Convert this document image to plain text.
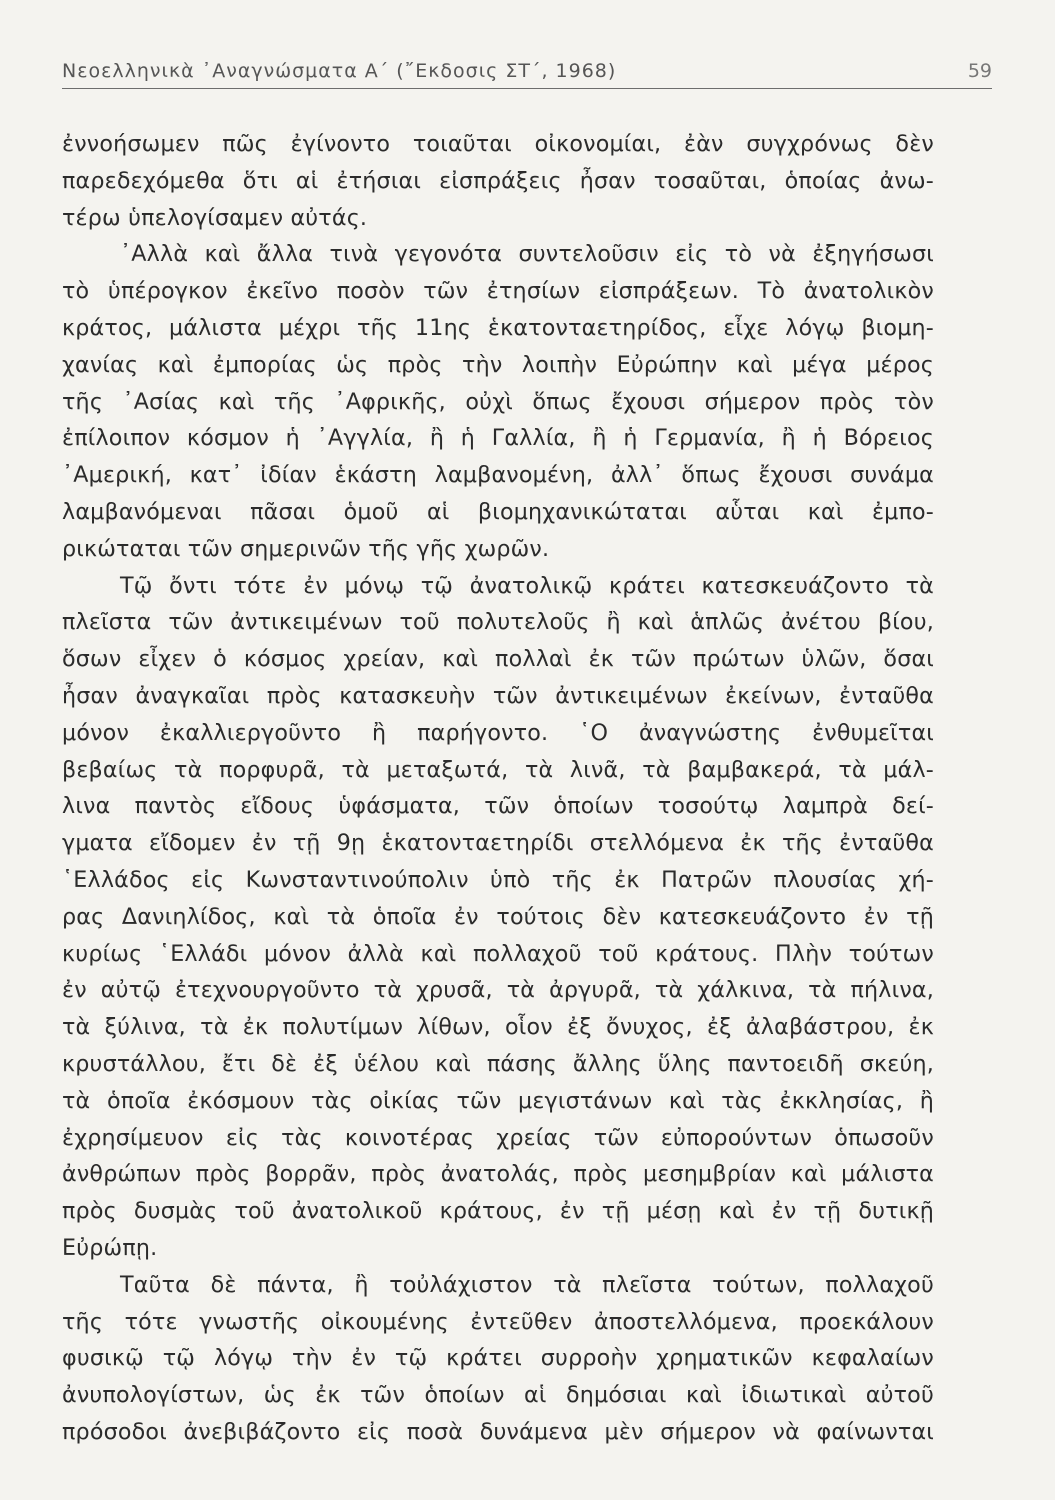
Νεοελληνικὰ ᾿Αναγνώσματα Α΄ (῎Εκδοσις ΣΤ΄, 1968)	59
ἐννοήσωμεν πῶς ἐγίνοντο τοιαῦται οἰκονομίαι, ἐὰν συγχρόνως δὲν
παρεδεχόμεθα ὅτι αἱ ἐτήσιαι εἰσπράξεις ἦσαν τοσαῦται, ὁποίας ἀνω-
τέρω ὑπελογίσαμεν αὐτάς.
᾿Αλλὰ καὶ ἄλλα τινὰ γεγονότα συντελοῦσιν εἰς τὸ νὰ ἐξηγήσωσι
τὸ ὑπέρογκον ἐκεῖνο ποσὸν τῶν ἐτησίων εἰσπράξεων. Τὸ ἀνατολικὸν
κράτος, μάλιστα μέχρι τῆς 11ης ἑκατονταετηρίδος, εἶχε λόγῳ βιομη-
χανίας καὶ ἐμπορίας ὡς πρὸς τὴν λοιπὴν Εὐρώπην καὶ μέγα μέρος
τῆς ᾿Ασίας καὶ τῆς ᾿Αφρικῆς, οὐχὶ ὅπως ἔχουσι σήμερον πρὸς τὸν
ἐπίλοιπον κόσμον ἡ ᾿Αγγλία, ἢ ἡ Γαλλία, ἢ ἡ Γερμανία, ἢ ἡ Βόρειος
᾿Αμερική, κατ᾿ ἰδίαν ἑκάστη λαμβανομένη, ἀλλ᾿ ὅπως ἔχουσι συνάμα
λαμβανόμεναι πᾶσαι ὁμοῦ αἱ βιομηχανικώταται αὗται καὶ ἐμπο-
ρικώταται τῶν σημερινῶν τῆς γῆς χωρῶν.
Τῷ ὄντι τότε ἐν μόνῳ τῷ ἀνατολικῷ κράτει κατεσκευάζοντο τὰ
πλεῖστα τῶν ἀντικειμένων τοῦ πολυτελοῦς ἢ καὶ ἁπλῶς ἀνέτου βίου,
ὅσων εἶχεν ὁ κόσμος χρείαν, καὶ πολλαὶ ἐκ τῶν πρώτων ὑλῶν, ὅσαι
ἦσαν ἀναγκαῖαι πρὸς κατασκευὴν τῶν ἀντικειμένων ἐκείνων, ἐνταῦθα
μόνον ἐκαλλιεργοῦντο ἢ παρήγοντο. ῾Ο ἀναγνώστης ἐνθυμεῖται
βεβαίως τὰ πορφυρᾶ, τὰ μεταξωτά, τὰ λινᾶ, τὰ βαμβακερά, τὰ μάλ-
λινα παντὸς εἴδους ὑφάσματα, τῶν ὁποίων τοσούτῳ λαμπρὰ δεί-
γματα εἴδομεν ἐν τῇ 9ῃ ἑκατονταετηρίδι στελλόμενα ἐκ τῆς ἐνταῦθα
῾Ελλάδος εἰς Κωνσταντινούπολιν ὑπὸ τῆς ἐκ Πατρῶν πλουσίας χή-
ρας Δανιηλίδος, καὶ τὰ ὁποῖα ἐν τούτοις δὲν κατεσκευάζοντο ἐν τῇ
κυρίως ῾Ελλάδι μόνον ἀλλὰ καὶ πολλαχοῦ τοῦ κράτους. Πλὴν τούτων
ἐν αὐτῷ ἐτεχνουργοῦντο τὰ χρυσᾶ, τὰ ἀργυρᾶ, τὰ χάλκινα, τὰ πήλινα,
τὰ ξύλινα, τὰ ἐκ πολυτίμων λίθων, οἷον ἐξ ὄνυχος, ἐξ ἀλαβάστρου, ἐκ
κρυστάλλου, ἔτι δὲ ἐξ ὑέλου καὶ πάσης ἄλλης ὕλης παντοειδῆ σκεύη,
τὰ ὁποῖα ἐκόσμουν τὰς οἰκίας τῶν μεγιστάνων καὶ τὰς ἐκκλησίας, ἢ
ἐχρησίμευον εἰς τὰς κοινοτέρας χρείας τῶν εὐπορούντων ὁπωσοῦν
ἀνθρώπων πρὸς βορρᾶν, πρὸς ἀνατολάς, πρὸς μεσημβρίαν καὶ μάλιστα
πρὸς δυσμὰς τοῦ ἀνατολικοῦ κράτους, ἐν τῇ μέσῃ καὶ ἐν τῇ δυτικῇ
Εὐρώπῃ.
Ταῦτα δὲ πάντα, ἢ τοὐλάχιστον τὰ πλεῖστα τούτων, πολλαχοῦ
τῆς τότε γνωστῆς οἰκουμένης ἐντεῦθεν ἀποστελλόμενα, προεκάλουν
φυσικῷ τῷ λόγῳ τὴν ἐν τῷ κράτει συρροὴν χρηματικῶν κεφαλαίων
ἀνυπολογίστων, ὡς ἐκ τῶν ὁποίων αἱ δημόσιαι καὶ ἰδιωτικαὶ αὐτοῦ
πρόσοδοι ἀνεβιβάζοντο εἰς ποσὰ δυνάμενα μὲν σήμερον νὰ φαίνωνται
